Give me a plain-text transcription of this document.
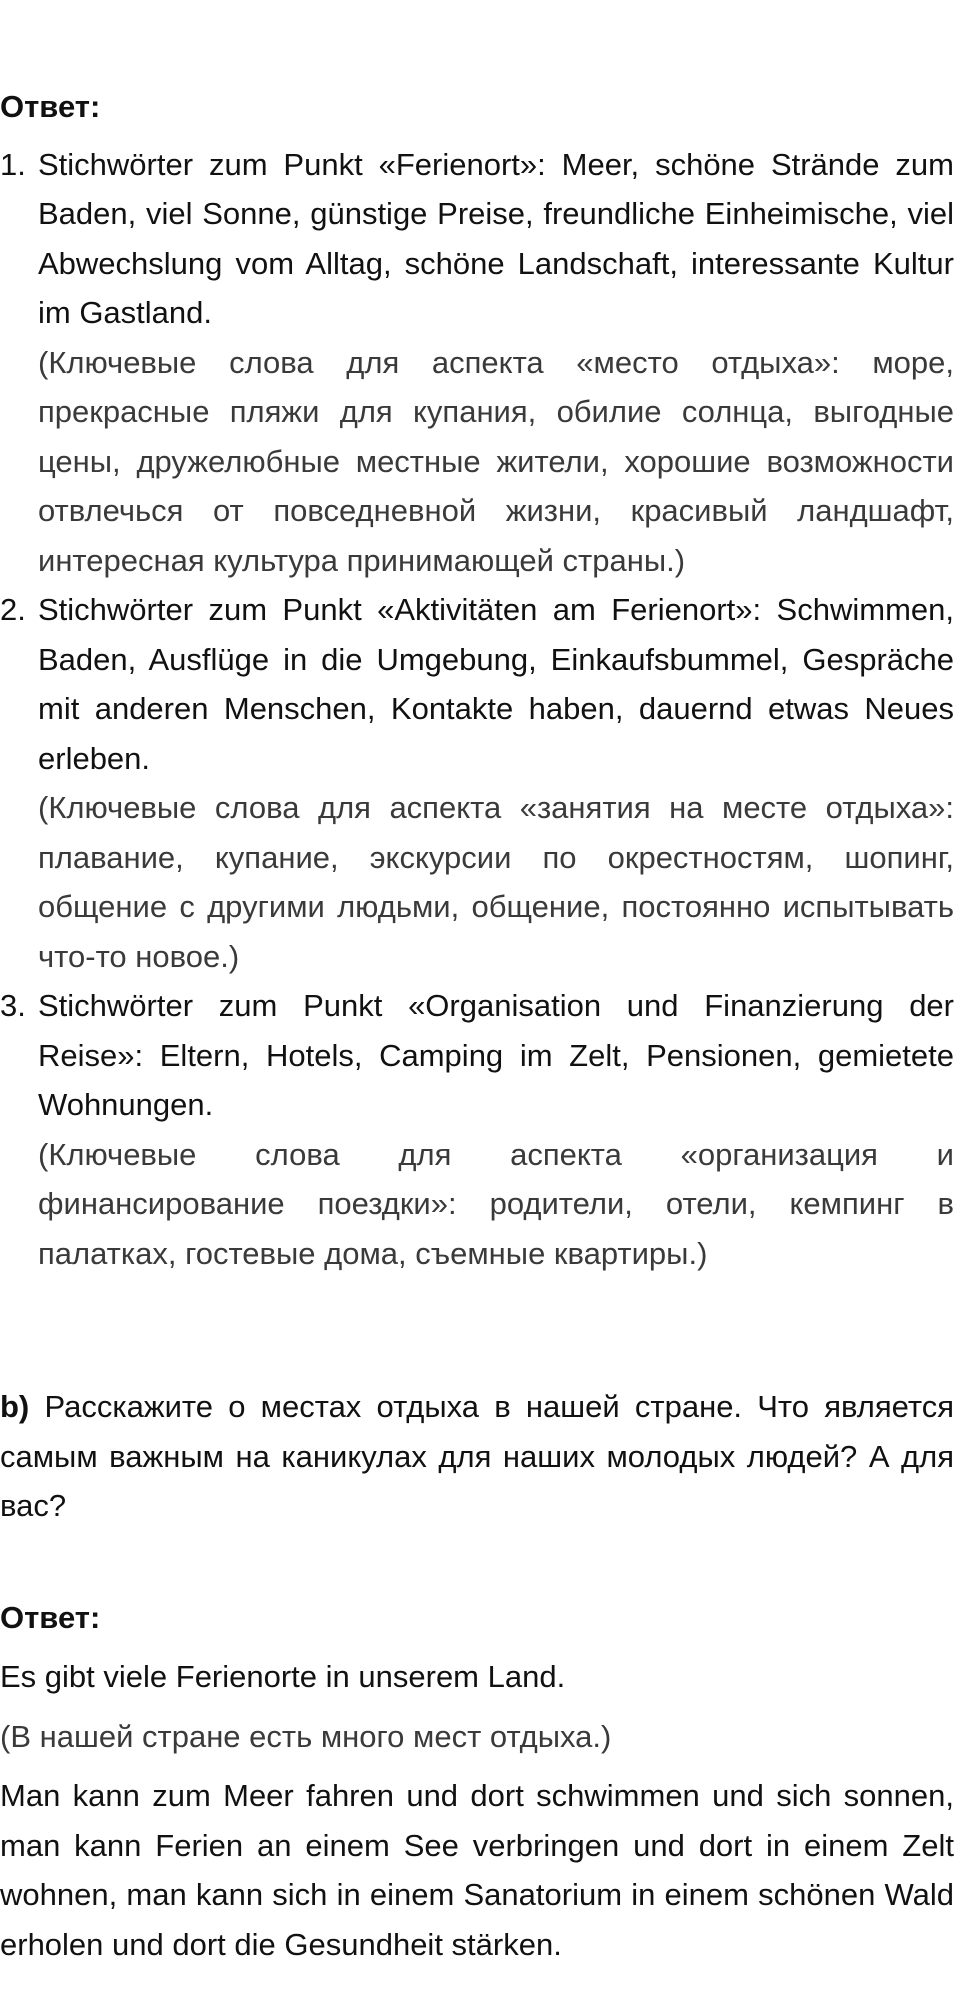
Ответ:
1. Stichwörter zum Punkt «Ferienort»: Meer, schöne Strände zum Baden, viel Sonne, günstige Preise, freundliche Einheimische, viel Abwechslung vom Alltag, schöne Landschaft, interessante Kultur im Gastland.

(Ключевые слова для аспекта «место отдыха»: море, прекрасные пляжи для купания, обилие солнца, выгодные цены, дружелюбные местные жители, хорошие возможности отвлечься от повседневной жизни, красивый ландшафт, интересная культура принимающей страны.)

2. Stichwörter zum Punkt «Aktivitäten am Ferienort»: Schwimmen, Baden, Ausflüge in die Umgebung, Einkaufsbummel, Gespräche mit anderen Menschen, Kontakte haben, dauernd etwas Neues erleben.

(Ключевые слова для аспекта «занятия на месте отдыха»: плавание, купание, экскурсии по окрестностям, шопинг, общение с другими людьми, общение, постоянно испытывать что-то новое.)

3. Stichwörter zum Punkt «Organisation und Finanzierung der Reise»: Eltern, Hotels, Camping im Zelt, Pensionen, gemietete Wohnungen.

(Ключевые слова для аспекта «организация и финансирование поездки»: родители, отели, кемпинг в палатках, гостевые дома, съемные квартиры.)

b) Расскажите о местах отдыха в нашей стране. Что является самым важным на каникулах для наших молодых людей? А для вас?

Ответ:

Es gibt viele Ferienorte in unserem Land.

(В нашей стране есть много мест отдыха.)

Man kann zum Meer fahren und dort schwimmen und sich sonnen, man kann Ferien an einem See verbringen und dort in einem Zelt wohnen, man kann sich in einem Sanatorium in einem schönen Wald erholen und dort die Gesundheit stärken.
